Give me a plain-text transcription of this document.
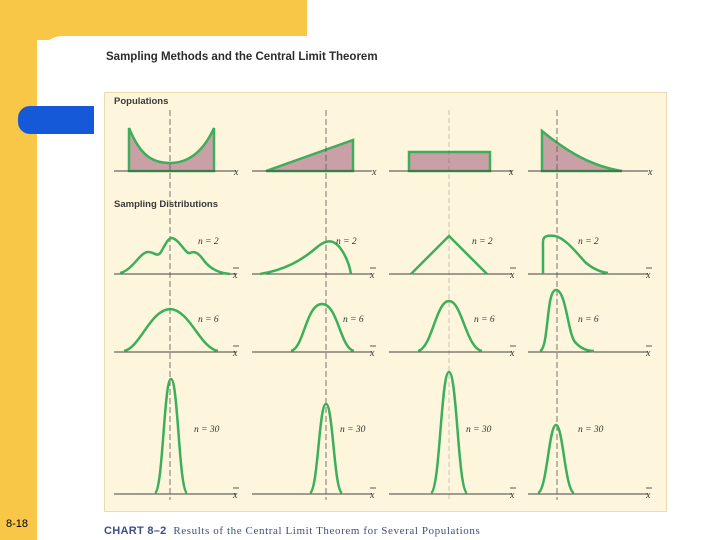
8-18
Sampling Methods and the Central Limit Theorem
Populations
Sampling Distributions
x	x	x	x
n = 2	n = 2	n = 2	n = 2
x	x	x	x
n = 6	n = 6	n = 6	n = 6
x	x	x	x
n = 30	n = 30	n = 30	n = 30
x	x	x	x
CHART 8–2 Results of the Central Limit Theorem for Several Populations
